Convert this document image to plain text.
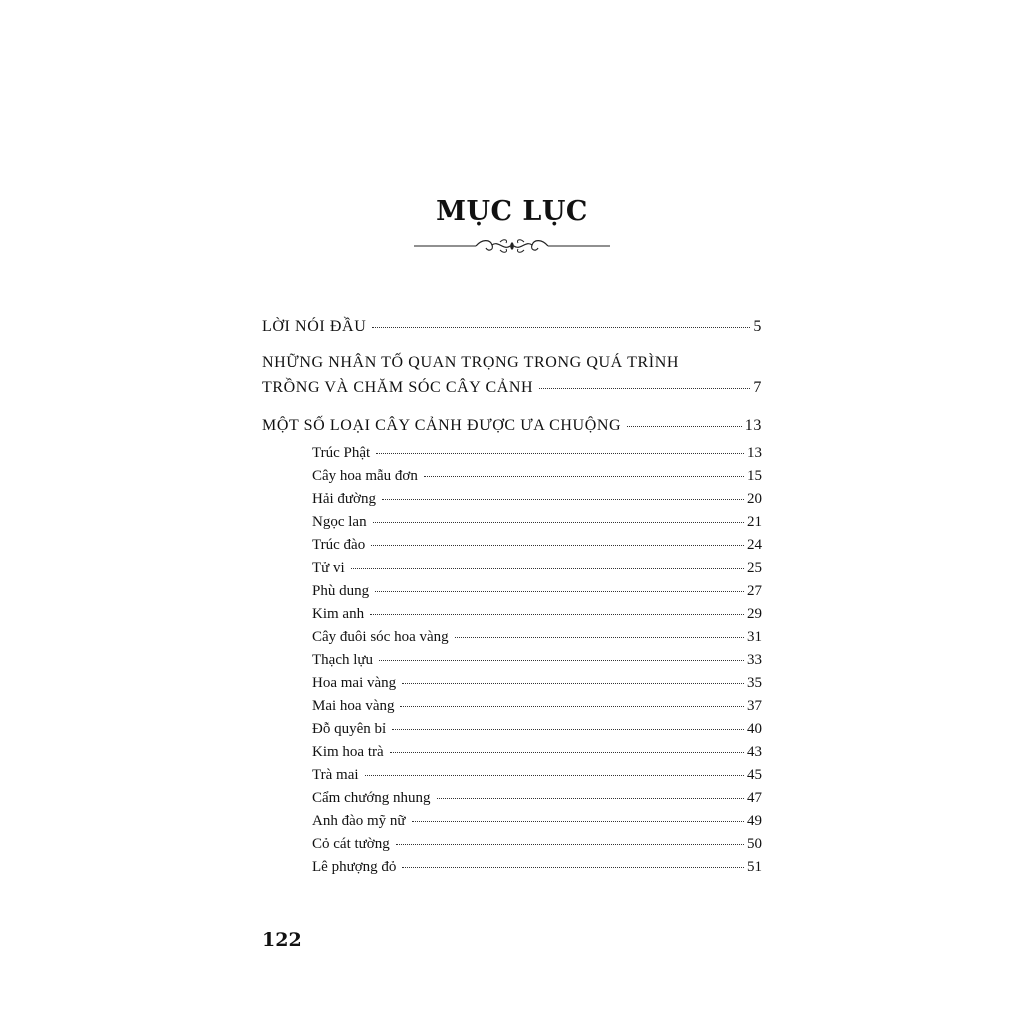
MỤC LỤC
LỜI NÓI ĐẦU	5
NHỮNG NHÂN TỐ QUAN TRỌNG TRONG QUÁ TRÌNH
TRỒNG VÀ CHĂM SÓC CÂY CẢNH	7
MỘT SỐ LOẠI CÂY CẢNH ĐƯỢC ƯA CHUỘNG	13
Trúc Phật	13
Cây hoa mẫu đơn	15
Hải đường	20
Ngọc lan	21
Trúc đào	24
Tử vi	25
Phù dung	27
Kim anh	29
Cây đuôi sóc hoa vàng	31
Thạch lựu	33
Hoa mai vàng	35
Mai hoa vàng	37
Đỗ quyên bỉ	40
Kim hoa trà	43
Trà mai	45
Cẩm chướng nhung	47
Anh đào mỹ nữ	49
Cỏ cát tường	50
Lê phượng đỏ	51
122
